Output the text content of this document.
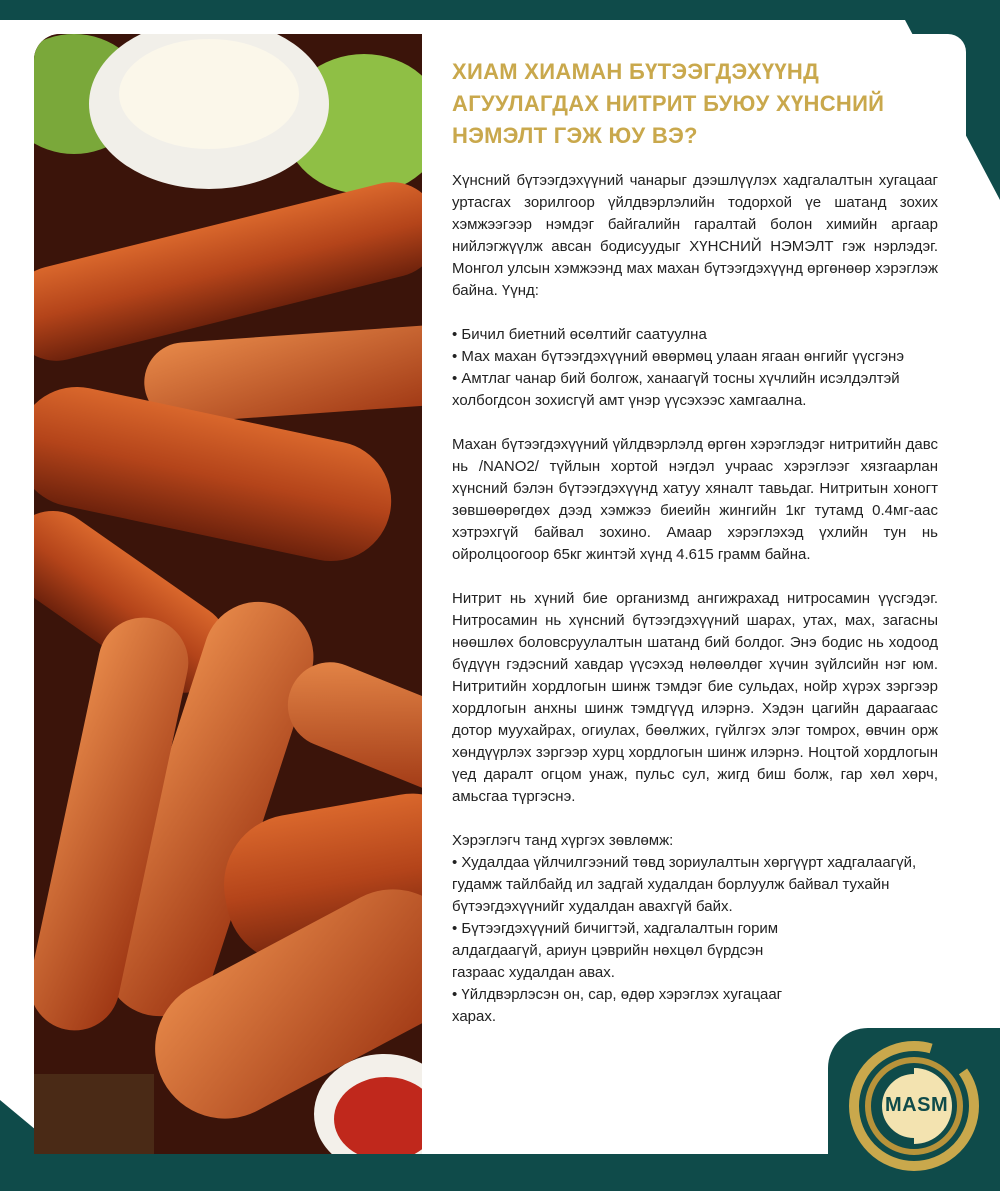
ХИАМ ХИАМАН БҮТЭЭГДЭХҮҮНД АГУУЛАГДАХ НИТРИТ БУЮУ ХҮНСНИЙ НЭМЭЛТ ГЭЖ ЮУ ВЭ?

Хүнсний бүтээгдэхүүний чанарыг дээшлүүлэх хадгалалтын хугацааг уртасгах зорилгоор үйлдвэрлэлийн тодорхой үе шатанд зохих хэмжээгээр нэмдэг байгалийн гаралтай болон химийн аргаар нийлэгжүүлж авсан бодисуудыг ХҮНСНИЙ НЭМЭЛТ гэж нэрлэдэг. Монгол улсын хэмжээнд мах махан бүтээгдэхүүнд өргөнөөр хэрэглэж байна. Үүнд:

• Бичил биетний өсөлтийг саатуулна

• Мах махан бүтээгдэхүүний өвөрмөц улаан ягаан өнгийг үүсгэнэ

• Амтлаг чанар бий болгож, ханаагүй тосны хүчлийн исэлдэлтэй холбогдсон зохисгүй амт үнэр үүсэхээс хамгаална.

Махан бүтээгдэхүүний үйлдвэрлэлд өргөн хэрэглэдэг нитритийн давс нь /NANO2/ түйлын хортой нэгдэл учраас хэрэглээг хязгаарлан хүнсний бэлэн бүтээгдэхүүнд хатуу хяналт тавьдаг. Нитритын хоногт зөвшөөрөгдөх дээд хэмжээ биеийн жингийн 1кг тутамд 0.4мг-аас хэтрэхгүй байвал зохино. Амаар хэрэглэхэд үхлийн тун нь ойролцоогоор 65кг жинтэй хүнд 4.615 грамм байна.

Нитрит нь хүний бие организмд ангижрахад нитросамин үүсгэдэг. Нитросамин нь хүнсний бүтээгдэхүүний шарах, утах, мах, загасны нөөшлөх боловсруулалтын шатанд бий болдог. Энэ бодис нь ходоод бүдүүн гэдэсний хавдар үүсэхэд нөлөөлдөг хүчин зүйлсийн нэг юм. Нитритийн хордлогын шинж тэмдэг бие сульдах, нойр хүрэх зэргээр хордлогын анхны шинж тэмдгүүд илэрнэ. Хэдэн цагийн дараагаас дотор муухайрах, огиулах, бөөлжих, гүйлгэх элэг томрох, өвчин орж хөндүүрлэх зэргээр хурц хордлогын шинж илэрнэ. Ноцтой хордлогын үед даралт огцом унаж, пульс сул, жигд биш болж, гар хөл хөрч, амьсгаа түргэснэ.

Хэрэглэгч танд хүргэх зөвлөмж:

• Худалдаа үйлчилгээний төвд зориулалтын хөргүүрт хадгалаагүй, гудамж тайлбайд ил задгай худалдан борлуулж байвал тухайн бүтээгдэхүүнийг худалдан авахгүй байх.

• Бүтээгдэхүүний бичигтэй, хадгалалтын горим алдагдаагүй, ариун цэврийн нөхцөл бүрдсэн газраас худалдан авах.

• Үйлдвэрлэсэн он, сар, өдөр хэрэглэх хугацааг харах.

MASM
